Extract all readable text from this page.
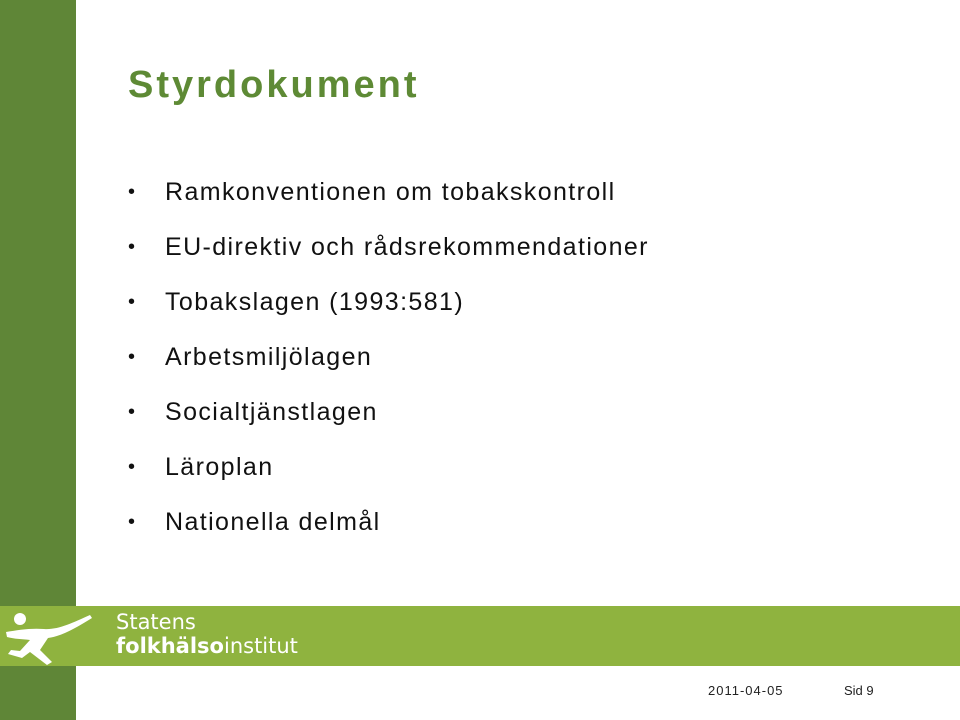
Styrdokument
• Ramkonventionen om tobakskontroll
• EU-direktiv och rådsrekommendationer
• Tobakslagen (1993:581)
• Arbetsmiljölagen
• Socialtjänstlagen
• Läroplan
• Nationella delmål
Statens
folkhälsoinstitut
2011-04-05	Sid 9
